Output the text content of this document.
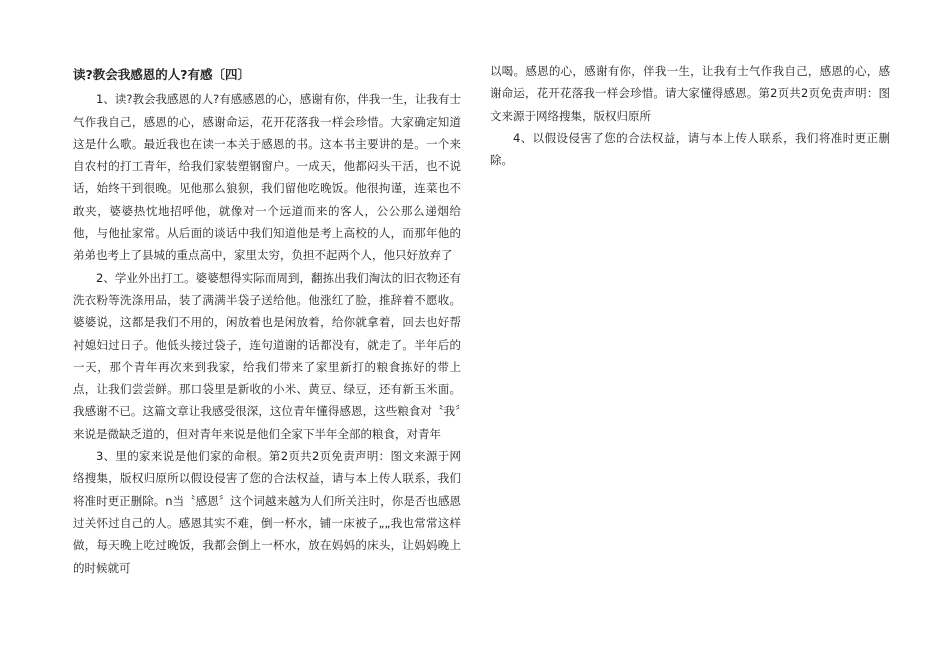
读?教会我感恩的人?有感〔四〕

1、读?教会我感恩的人?有感感恩的心，感谢有你，伴我一生，让我有士气作我自己，感恩的心，感谢命运，花开花落我一样会珍惜。大家确定知道这是什么歌。最近我也在读一本关于感恩的书。这本书主要讲的是。一个来自农村的打工青年，给我们家装塑钢窗户。一成天，他都闷头干活，也不说话，始终干到很晚。见他那么狼狈，我们留他吃晚饭。他很拘谨，连菜也不敢夹，婆婆热忱地招呼他，就像对一个远道而来的客人，公公那么递烟给他，与他扯家常。从后面的谈话中我们知道他是考上高校的人，而那年他的弟弟也考上了县城的重点高中，家里太穷，负担不起两个人，他只好放弃了

2、学业外出打工。婆婆想得实际而周到，翻拣出我们淘汰的旧衣物还有洗衣粉等洗涤用品，装了满满半袋子送给他。他涨红了脸，推辞着不愿收。婆婆说，这都是我们不用的，闲放着也是闲放着，给你就拿着，回去也好帮衬媳妇过日子。他低头接过袋子，连句道谢的话都没有，就走了。半年后的一天，那个青年再次来到我家，给我们带来了家里新打的粮食拣好的带上点，让我们尝尝鲜。那口袋里是新收的小米、黄豆、绿豆，还有新玉米面。我感谢不已。这篇文章让我感受很深，这位青年懂得感恩，这些粮食对〝我〞来说是微缺乏道的，但对青年来说是他们全家下半年全部的粮食，对青年

3、里的家来说是他们家的命根。第2页共2页免责声明：图文来源于网络搜集，版权归原所以假设侵害了您的合法权益，请与本上传人联系，我们将准时更正删除。n当〝感恩〞这个词越来越为人们所关注时，你是否也感恩过关怀过自己的人。感恩其实不难，倒一杯水，铺一床被子„„我也常常这样做，每天晚上吃过晚饭，我都会倒上一杯水，放在妈妈的床头，让妈妈晚上的时候就可

以喝。感恩的心，感谢有你，伴我一生，让我有士气作我自己，感恩的心，感谢命运，花开花落我一样会珍惜。请大家懂得感恩。第2页共2页免责声明：图文来源于网络搜集，版权归原所

4、以假设侵害了您的合法权益，请与本上传人联系，我们将准时更正删除。
